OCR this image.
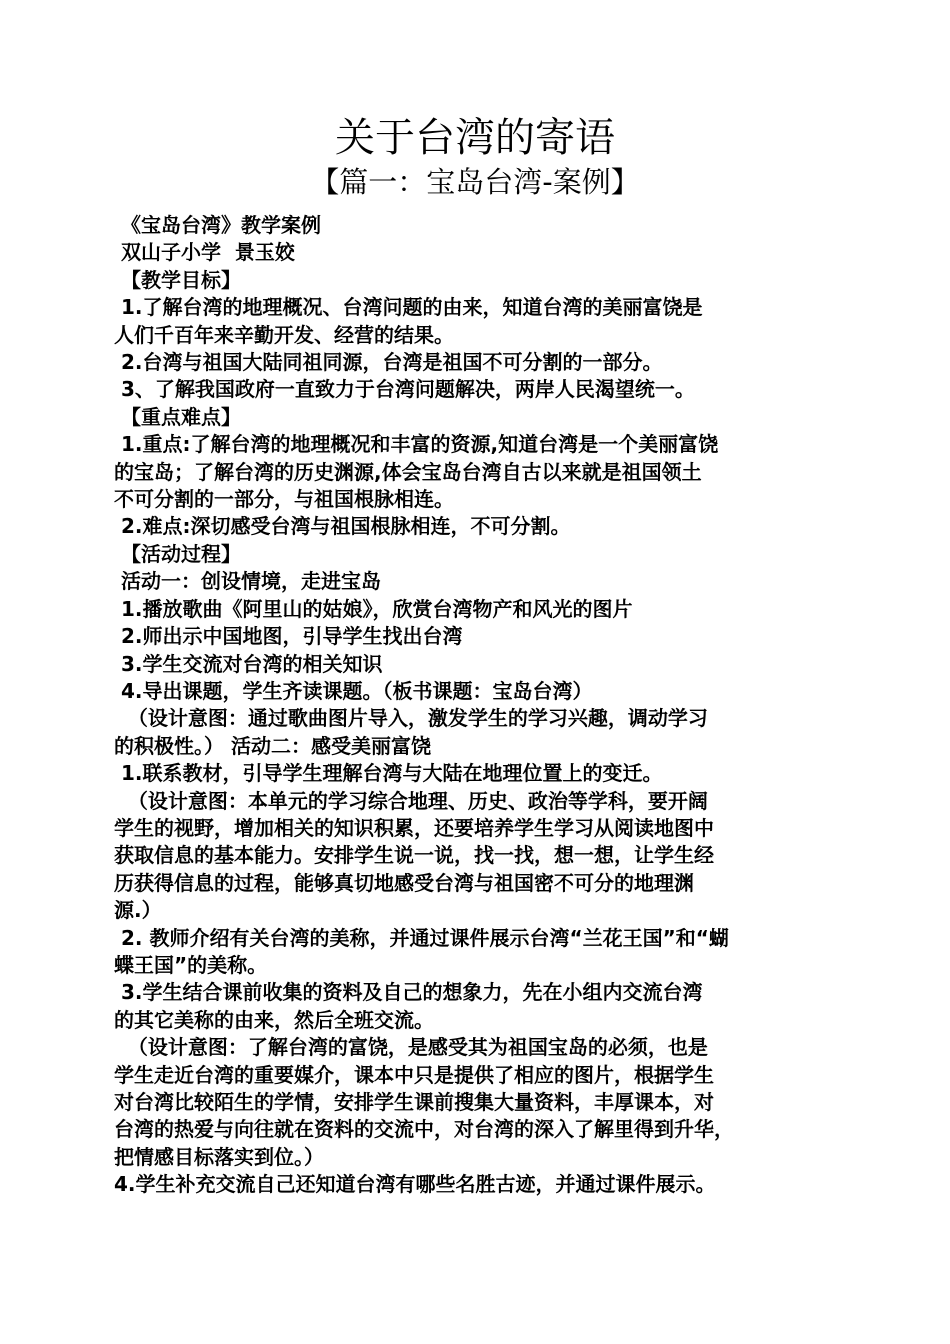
关于台湾的寄语
【篇一：宝岛台湾-案例】
《宝岛台湾》教学案例
双山子小学  景玉姣
【教学目标】
1.了解台湾的地理概况、台湾问题的由来，知道台湾的美丽富饶是
人们千百年来辛勤开发、经营的结果。
2.台湾与祖国大陆同祖同源，台湾是祖国不可分割的一部分。
3、了解我国政府一直致力于台湾问题解决，两岸人民渴望统一。
【重点难点】
1.重点:了解台湾的地理概况和丰富的资源,知道台湾是一个美丽富饶
的宝岛；了解台湾的历史渊源,体会宝岛台湾自古以来就是祖国领土
不可分割的一部分，与祖国根脉相连。
2.难点:深切感受台湾与祖国根脉相连，不可分割。
【活动过程】
活动一：创设情境，走进宝岛
1.播放歌曲《阿里山的姑娘》，欣赏台湾物产和风光的图片
2.师出示中国地图，引导学生找出台湾
3.学生交流对台湾的相关知识
4.导出课题，学生齐读课题。（板书课题：宝岛台湾）
（设计意图：通过歌曲图片导入，激发学生的学习兴趣，调动学习
的积极性。） 活动二：感受美丽富饶
1.联系教材，引导学生理解台湾与大陆在地理位置上的变迁。
（设计意图：本单元的学习综合地理、历史、政治等学科，要开阔
学生的视野，增加相关的知识积累，还要培养学生学习从阅读地图中
获取信息的基本能力。安排学生说一说，找一找，想一想，让学生经
历获得信息的过程，能够真切地感受台湾与祖国密不可分的地理渊
源.）
2. 教师介绍有关台湾的美称，并通过课件展示台湾“兰花王国”和“蝴
蝶王国”的美称。
3.学生结合课前收集的资料及自己的想象力，先在小组内交流台湾
的其它美称的由来，然后全班交流。
（设计意图：了解台湾的富饶，是感受其为祖国宝岛的必须，也是
学生走近台湾的重要媒介，课本中只是提供了相应的图片，根据学生
对台湾比较陌生的学情，安排学生课前搜集大量资料，丰厚课本，对
台湾的热爱与向往就在资料的交流中，对台湾的深入了解里得到升华，
把情感目标落实到位。）
4.学生补充交流自己还知道台湾有哪些名胜古迹，并通过课件展示。
